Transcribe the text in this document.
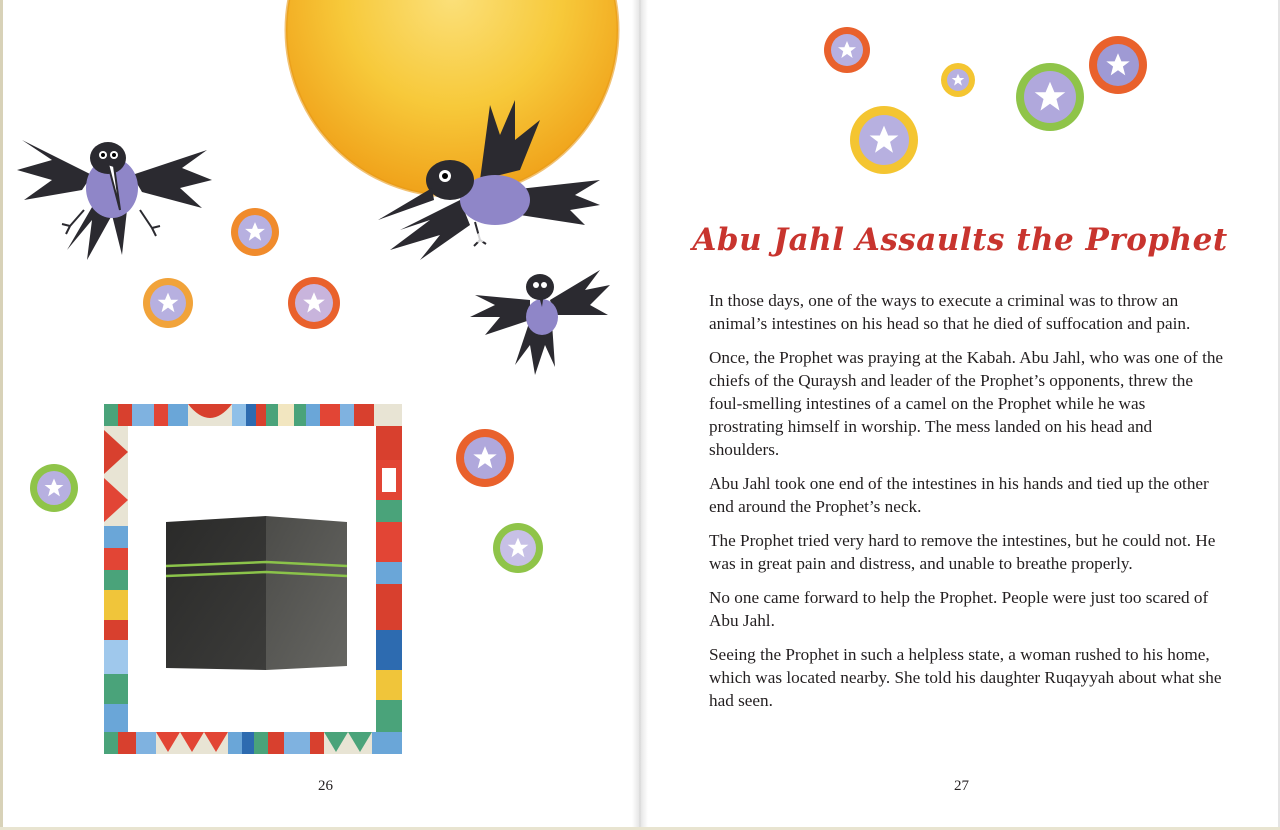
Abu Jahl Assaults the Prophet

In those days, one of the ways to execute a criminal was to throw an animal’s intestines on his head so that he died of suffocation and pain.

Once, the Prophet was praying at the Kabah. Abu Jahl, who was one of the chiefs of the Quraysh and leader of the Prophet’s opponents, threw the foul-smelling intestines of a camel on the Prophet while he was prostrating himself in worship. The mess landed on his head and shoulders.

Abu Jahl took one end of the intestines in his hands and tied up the other end around the Prophet’s neck.

The Prophet tried very hard to remove the intestines, but he could not. He was in great pain and distress, and unable to breathe properly.

No one came forward to help the Prophet. People were just too scared of Abu Jahl.

Seeing the Prophet in such a helpless state, a woman rushed to his home, which was located nearby. She told his daughter Ruqayyah about what she had seen.

26	27
